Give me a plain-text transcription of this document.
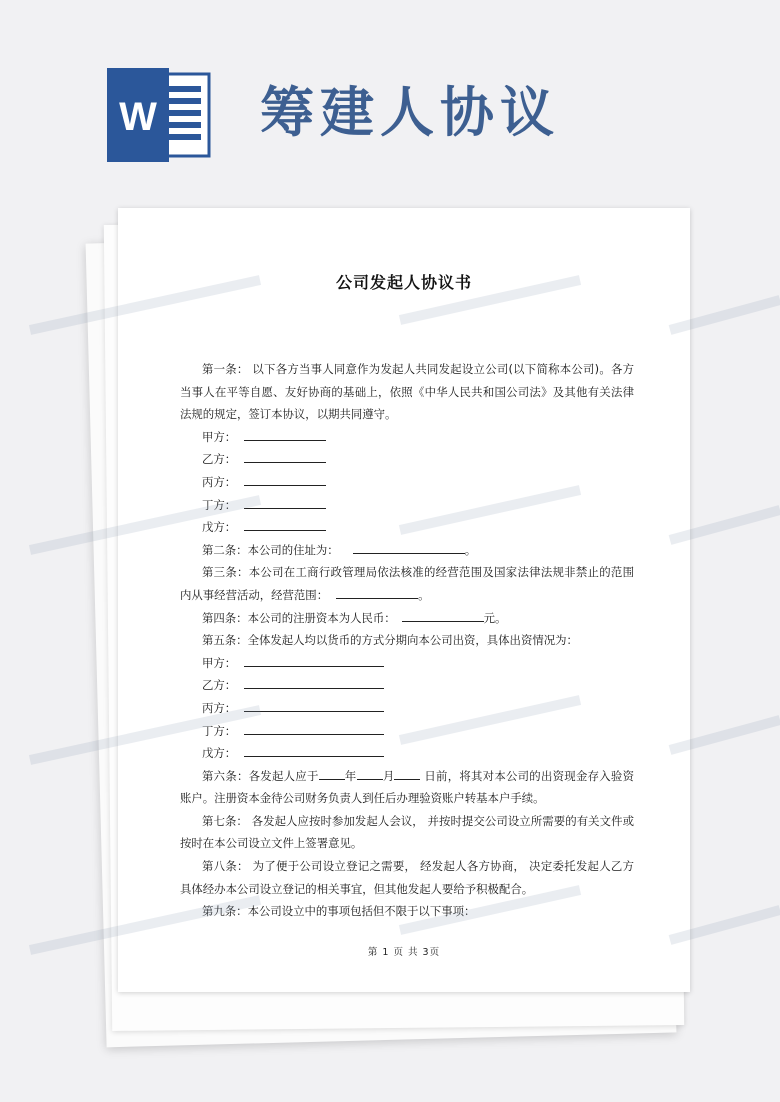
W 筹建人协议
公司发起人协议书

第一条： 以下各方当事人同意作为发起人共同发起设立公司(以下简称本公司)。各方当事人在平等自愿、友好协商的基础上，依照《中华人民共和国公司法》及其他有关法律法规的规定，签订本协议，以期共同遵守。

甲方：

乙方：

丙方：

丁方：

戊方：

第二条：本公司的住址为：	。

第三条：本公司在工商行政管理局依法核准的经营范围及国家法律法规非禁止的范围内从事经营活动，经营范围：	。

第四条：本公司的注册资本为人民币：	元。

第五条：全体发起人均以货币的方式分期向本公司出资，具体出资情况为：

甲方：

乙方：

丙方：

丁方：

戊方：

第六条：各发起人应于 年 月 日前，将其对本公司的出资现金存入验资账户。注册资本金待公司财务负责人到任后办理验资账户转基本户手续。

第七条： 各发起人应按时参加发起人会议， 并按时提交公司设立所需要的有关文件或按时在本公司设立文件上签署意见。

第八条： 为了便于公司设立登记之需要， 经发起人各方协商， 决定委托发起人乙方具体经办本公司设立登记的相关事宜，但其他发起人要给予积极配合。

第九条：本公司设立中的事项包括但不限于以下事项：

第 1 页 共 3页
